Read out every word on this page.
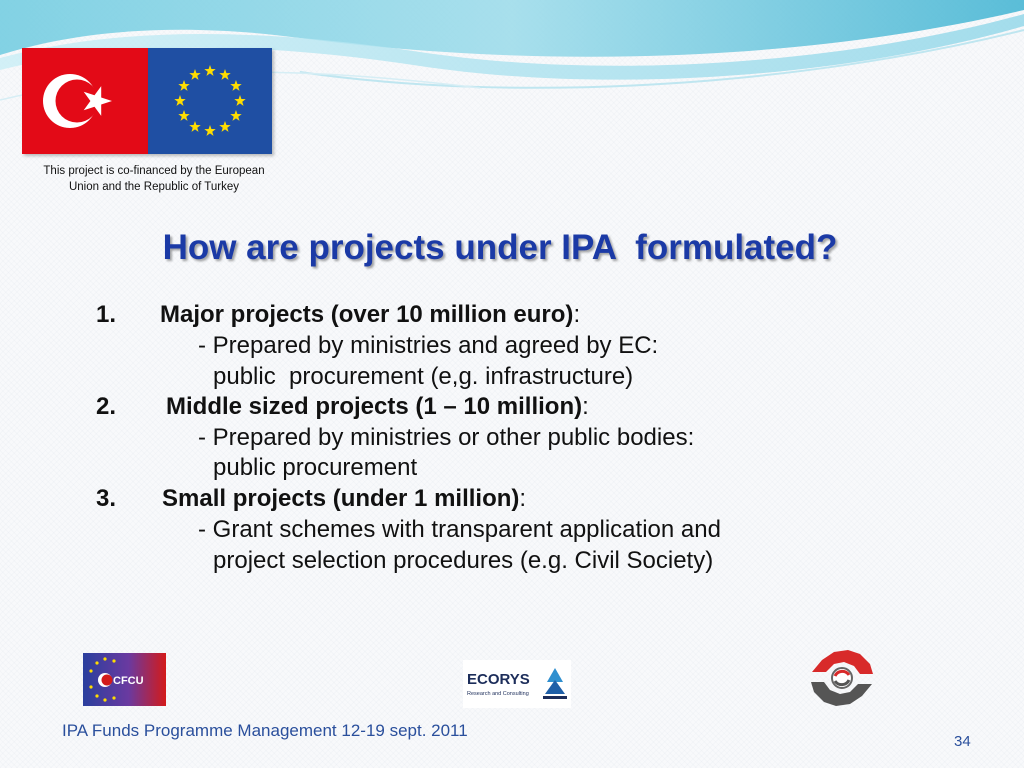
This project is co-financed by the European
Union and the Republic of Turkey
How are projects under IPA  formulated?
1. Major projects (over 10 million euro):
- Prepared by ministries and agreed by EC:
public  procurement (e,g. infrastructure)
2. Middle sized projects (1 – 10 million):
- Prepared by ministries or other public bodies:
public procurement
3. Small projects (under 1 million):
- Grant schemes with transparent application and
project selection procedures (e.g. Civil Society)
CFCU	ECORYS
Research and Consulting
IPA Funds Programme Management 12-19 sept. 2011
34
